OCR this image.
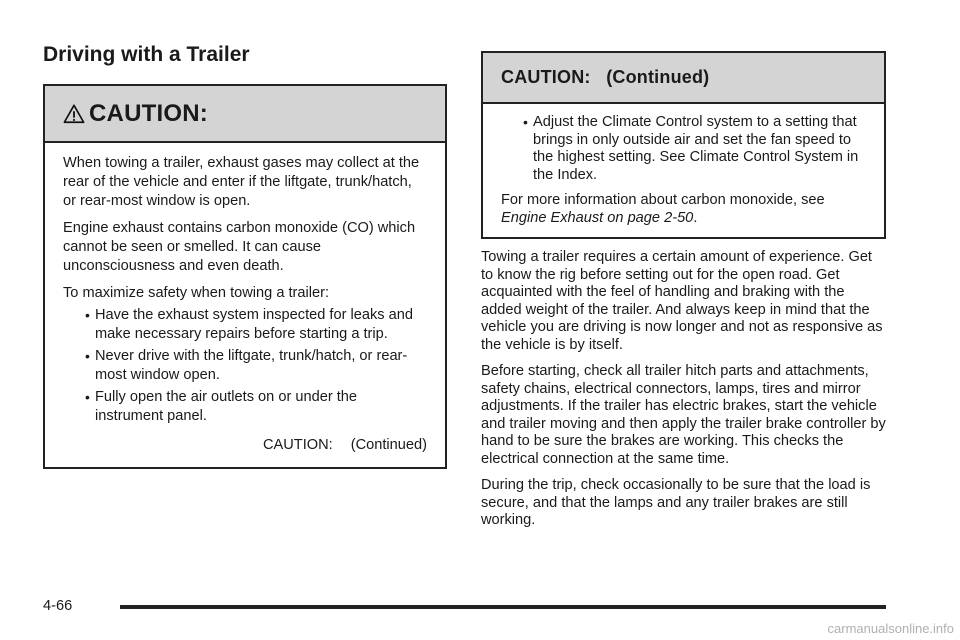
Driving with a Trailer
CAUTION:

When towing a trailer, exhaust gases may collect at the rear of the vehicle and enter if the liftgate, trunk/hatch, or rear-most window is open.

Engine exhaust contains carbon monoxide (CO) which cannot be seen or smelled. It can cause unconsciousness and even death.

To maximize safety when towing a trailer:

• Have the exhaust system inspected for leaks and make necessary repairs before starting a trip.
• Never drive with the liftgate, trunk/hatch, or rear-most window open.
• Fully open the air outlets on or under the instrument panel.
CAUTION: (Continued)
CAUTION:   (Continued)
• Adjust the Climate Control system to a setting that brings in only outside air and set the fan speed to the highest setting. See Climate Control System in the Index.

For more information about carbon monoxide, see Engine Exhaust on page 2-50.

Towing a trailer requires a certain amount of experience. Get to know the rig before setting out for the open road. Get acquainted with the feel of handling and braking with the added weight of the trailer. And always keep in mind that the vehicle you are driving is now longer and not as responsive as the vehicle is by itself.

Before starting, check all trailer hitch parts and attachments, safety chains, electrical connectors, lamps, tires and mirror adjustments. If the trailer has electric brakes, start the vehicle and trailer moving and then apply the trailer brake controller by hand to be sure the brakes are working. This checks the electrical connection at the same time.

During the trip, check occasionally to be sure that the load is secure, and that the lamps and any trailer brakes are still working.

4-66
carmanualsonline.info
